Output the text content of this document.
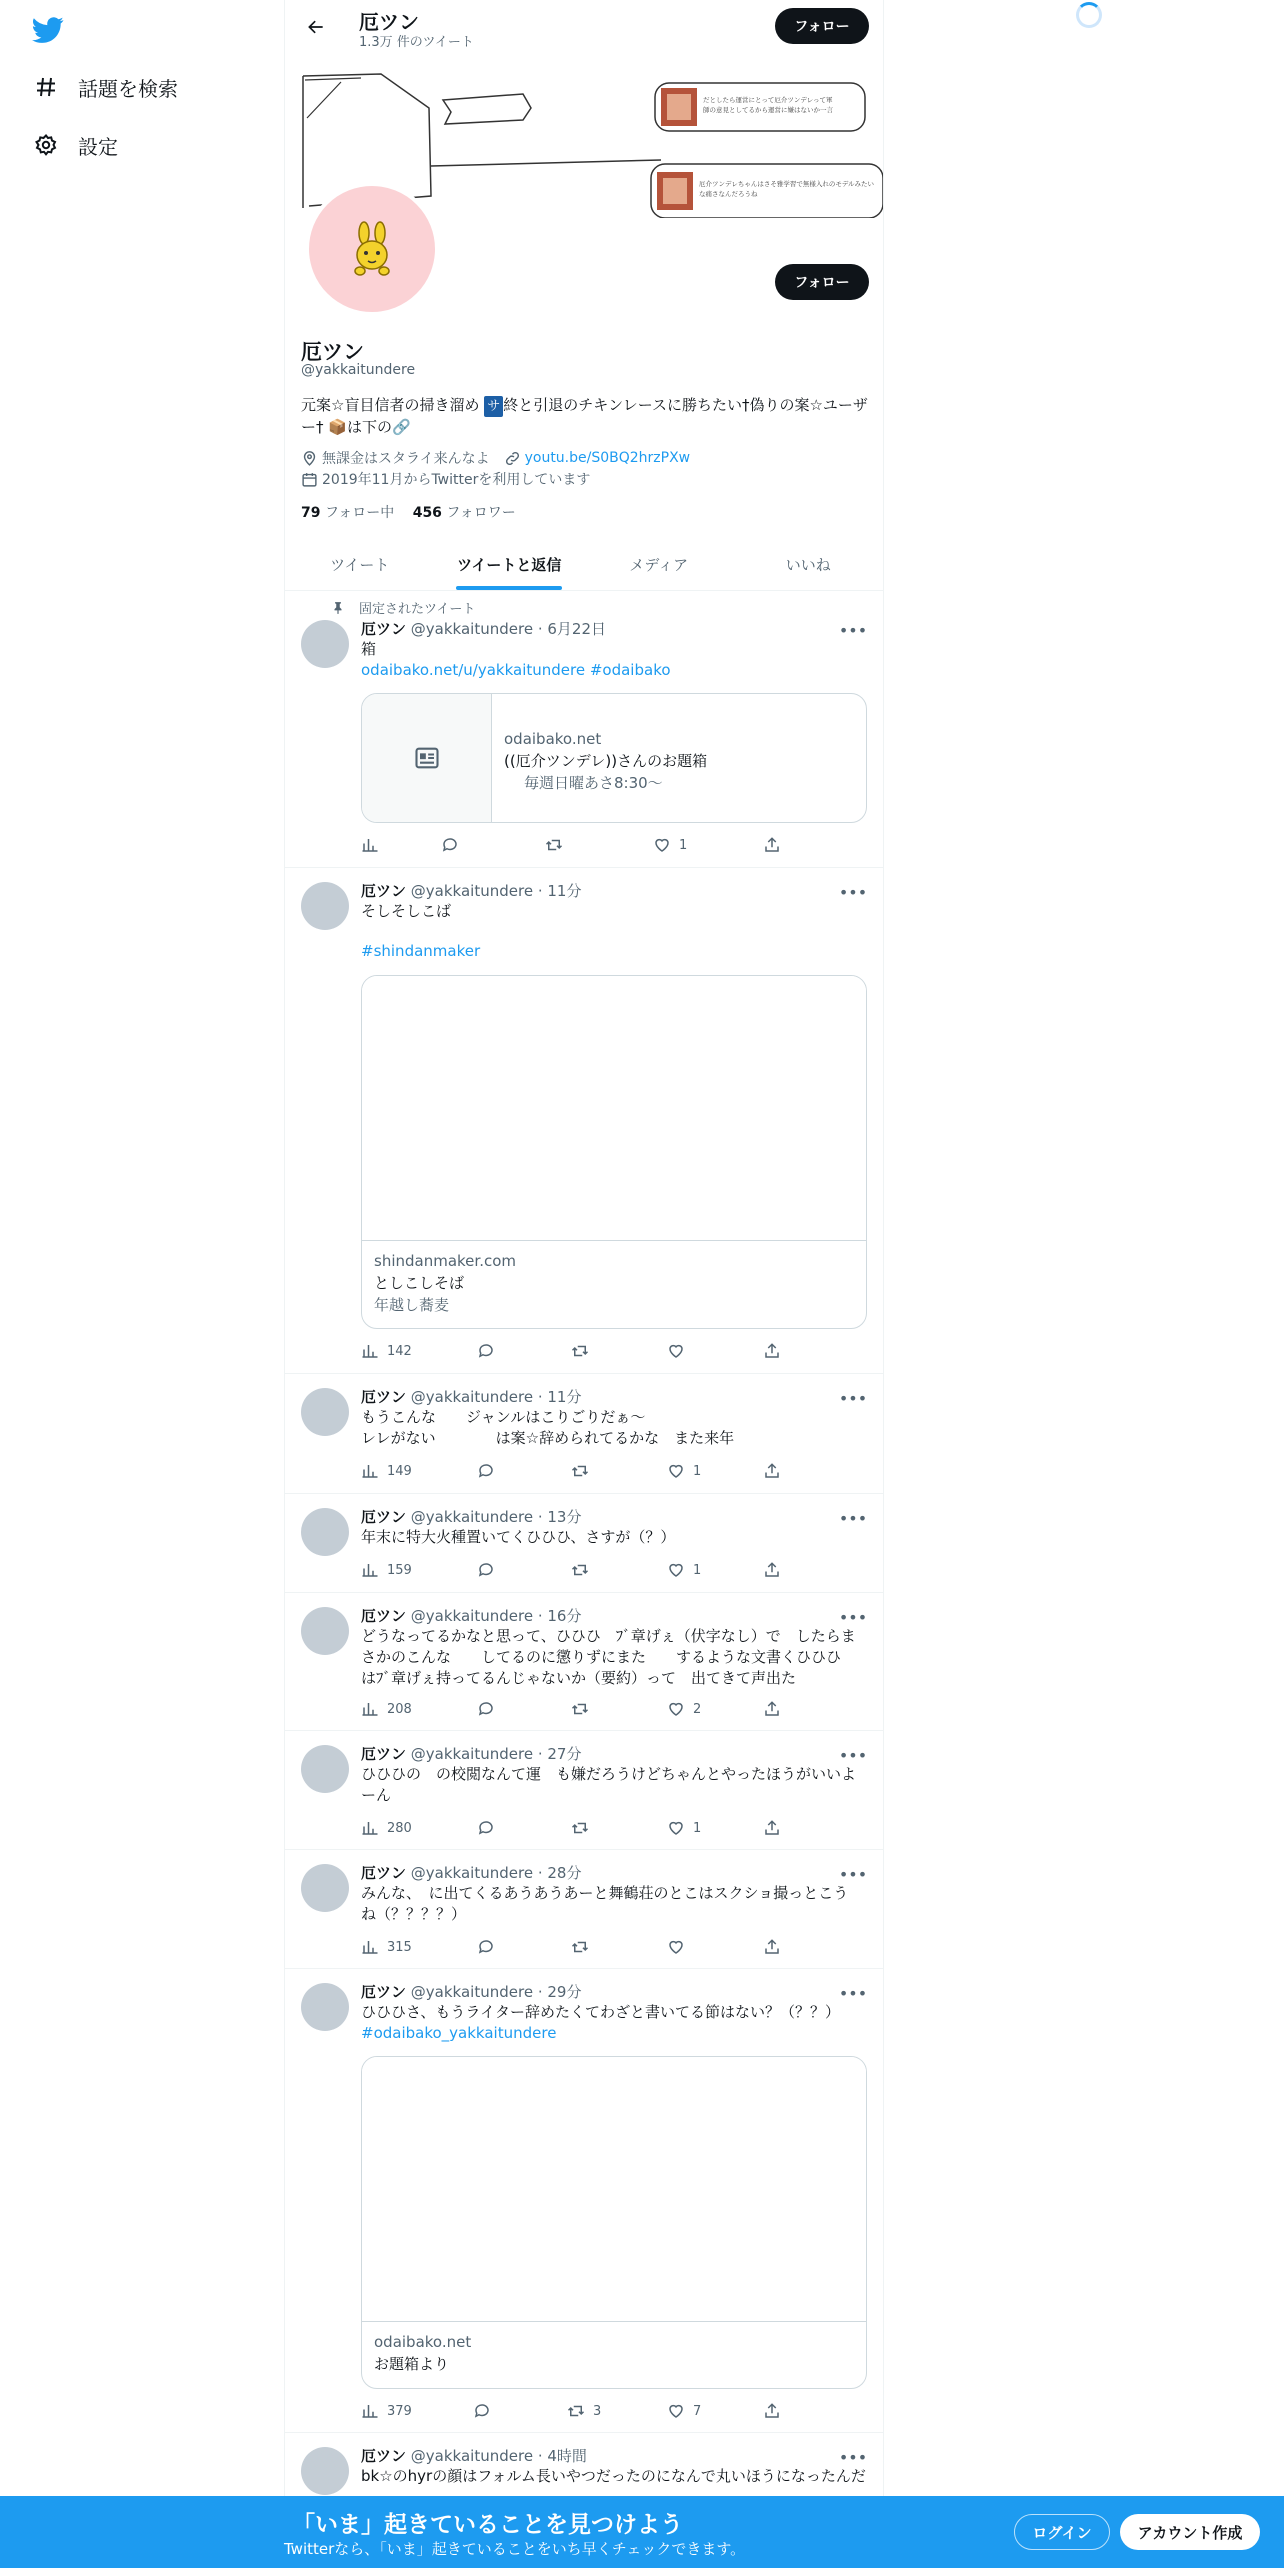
話題を検索
設定
厄ツン
1.3万 件のツイート
フォロー
だとしたら運営にとって厄介ツンデレって軍
師の意見としてるから運営に嫌はないか一言
厄介ツンデレちゃんはさそ雅学習で無様入れのモデルみたい
な痛さなんだろうね
フォロー
厄ツン
@yakkaitundere
元案☆盲目信者の掃き溜め サ 終と引退のチキンレースに勝ちたい†偽りの案☆ユーザー† 📦は下の🔗
無課金はスタライ来んなよ	youtu.be/S0BQ2hrzPXw
2019年11月からTwitterを利用しています
79 フォロー中 456 フォロワー
ツイート	ツイートと返信	メディア	いいね
固定されたツイート
厄ツン @yakkaitundere · 6月22日	•••
箱
odaibako.net/u/yakkaitundere #odaibako
odaibako.net
((厄介ツンデレ))さんのお題箱
毎週日曜あさ8:30〜
1
厄ツン @yakkaitundere · 11分	•••
そしそしこば
#shindanmaker
shindanmaker.com
としこしそば
年越し蕎麦
142
厄ツン @yakkaitundere · 11分	•••
もうこんな　　ジャンルはこりごりだぁ〜
レレがない　　　　は案☆辞められてるかな　また来年
149	1
厄ツン @yakkaitundere · 13分	•••
年末に特大火種置いてくひひひ、さすが（？）
159	1
厄ツン @yakkaitundere · 16分	•••
どうなってるかなと思って、ひひひ　ﾌﾞ章げぇ（伏字なし）で　したらま
さかのこんな　　してるのに懲りずにまた　　するような文書くひひひ
はﾌﾞ章げぇ持ってるんじゃないか（要約）って　出てきて声出た
208	2
厄ツン @yakkaitundere · 27分	•••
ひひひの　の校閲なんて運　も嫌だろうけどちゃんとやったほうがいいよ
ーん
280	1
厄ツン @yakkaitundere · 28分	•••
みんな、　に出てくるあうあうあーと舞鶴荘のとこはスクショ撮っとこう
ね（？？？？）
315
厄ツン @yakkaitundere · 29分	•••
ひひひさ、もうライター辞めたくてわざと書いてる節はない？（？？）
#odaibako_yakkaitundere
odaibako.net
お題箱より
379	3	7
厄ツン @yakkaitundere · 4時間	•••
bk☆のhyrの顔はフォルム長いやつだったのになんで丸いほうになったんだ
「いま」起きていることを見つけよう
Twitterなら、「いま」起きていることをいち早くチェックできます。
ログイン	アカウント作成
